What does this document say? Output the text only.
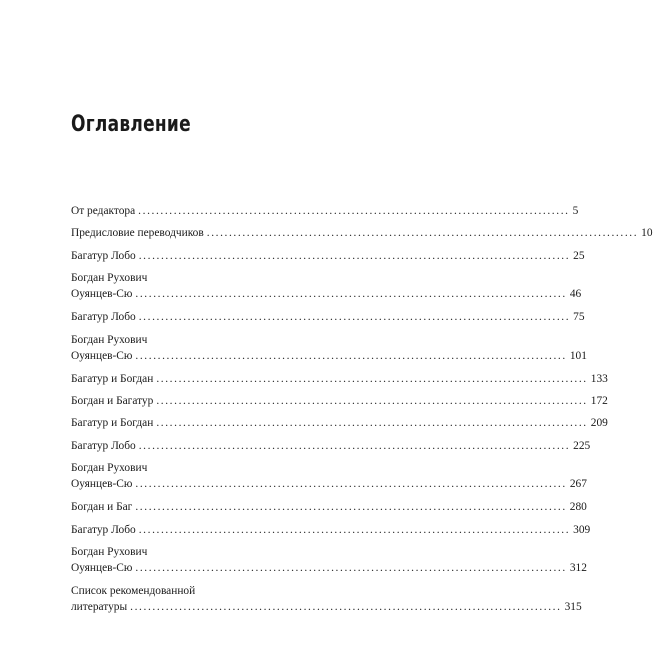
Оглавление
От редактора ................................................................................................. 5
Предисловие переводчиков ................................................................................................. 10
Багатур Лобо ................................................................................................. 25
Богдан Рухович
Оуянцев-Сю ................................................................................................. 46
Багатур Лобо ................................................................................................. 75
Богдан Рухович
Оуянцев-Сю ................................................................................................. 101
Багатур и Богдан ................................................................................................. 133
Богдан и Багатур ................................................................................................. 172
Багатур и Богдан ................................................................................................. 209
Багатур Лобо ................................................................................................. 225
Богдан Рухович
Оуянцев-Сю ................................................................................................. 267
Богдан и Баг ................................................................................................. 280
Багатур Лобо ................................................................................................. 309
Богдан Рухович
Оуянцев-Сю ................................................................................................. 312
Список рекомендованной
литературы ................................................................................................. 315
